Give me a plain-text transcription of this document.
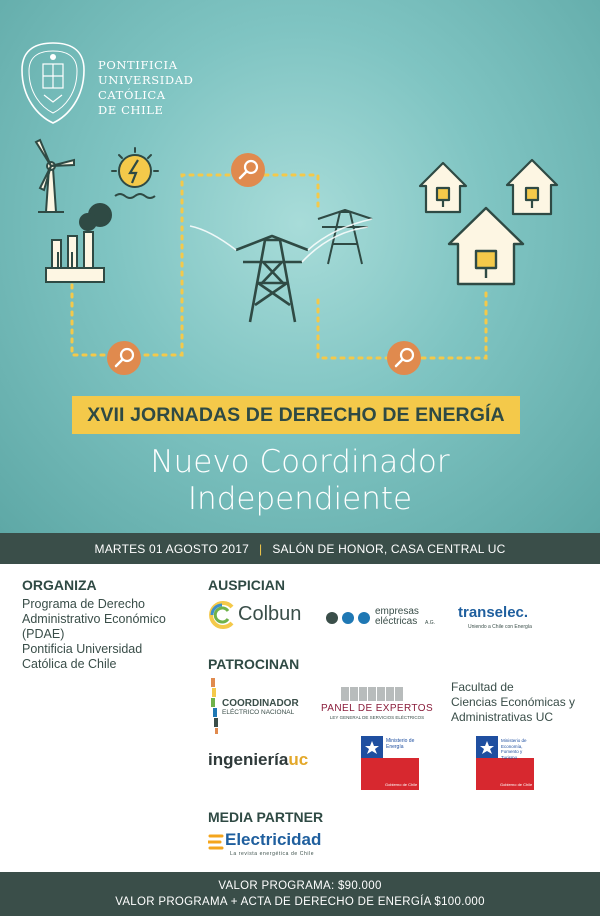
PONTIFICIA
UNIVERSIDAD
CATÓLICA
DE CHILE
XVII JORNADAS DE DERECHO DE ENERGÍA
Nuevo Coordinador
Independiente
MARTES 01 AGOSTO 2017 | SALÓN DE HONOR, CASA CENTRAL UC
ORGANIZA
Programa de Derecho
Administrativo Económico
(PDAE)
Pontificia Universidad
Católica de Chile
AUSPICIAN
Colbun	empresas
eléctricas A.G.
transelec.
Uniendo a Chile con Energía
PATROCINAN
COORDINADOR
ELÉCTRICO NACIONAL	PANEL DE EXPERTOS
LEY GENERAL DE SERVICIOS ELÉCTRICOS
Facultad de
Ciencias Económicas y
Administrativas UC
ingenieríauc
Ministerio de Energía
Gobierno de Chile
Ministerio de Economía, Fomento y Turismo
Gobierno de Chile
MEDIA PARTNER
Electricidad
La revista energética de Chile
VALOR PROGRAMA: $90.000
VALOR PROGRAMA + ACTA DE DERECHO DE ENERGÍA $100.000
